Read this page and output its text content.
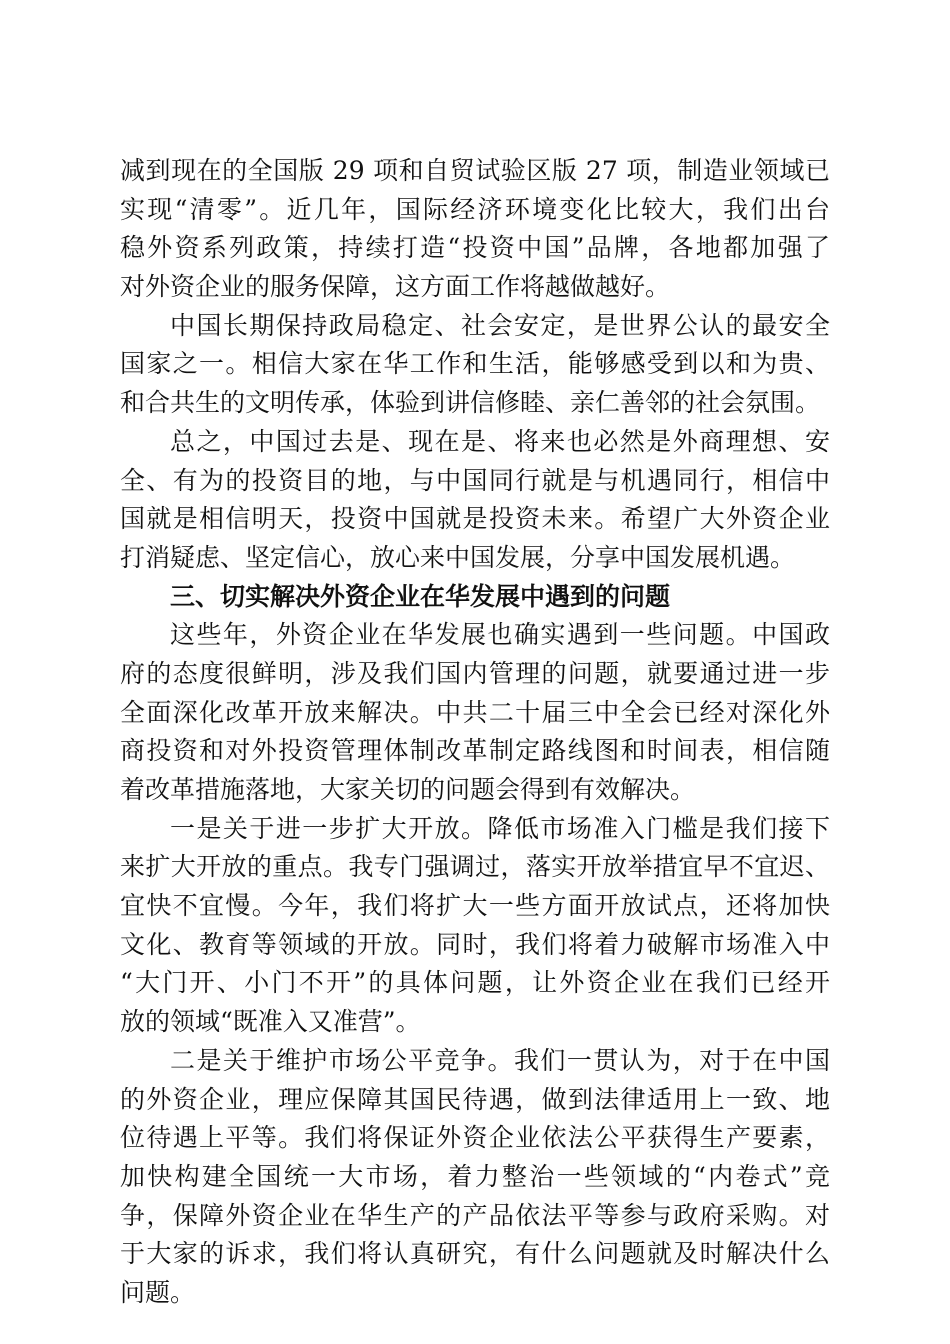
减到现在的全国版 29 项和自贸试验区版 27 项，制造业领域已
实现“清零”。近几年，国际经济环境变化比较大，我们出台
稳外资系列政策，持续打造“投资中国”品牌，各地都加强了
对外资企业的服务保障，这方面工作将越做越好。
中国长期保持政局稳定、社会安定，是世界公认的最安全
国家之一。相信大家在华工作和生活，能够感受到以和为贵、
和合共生的文明传承，体验到讲信修睦、亲仁善邻的社会氛围。
总之，中国过去是、现在是、将来也必然是外商理想、安
全、有为的投资目的地，与中国同行就是与机遇同行，相信中
国就是相信明天，投资中国就是投资未来。希望广大外资企业
打消疑虑、坚定信心，放心来中国发展，分享中国发展机遇。
三、切实解决外资企业在华发展中遇到的问题
这些年，外资企业在华发展也确实遇到一些问题。中国政
府的态度很鲜明，涉及我们国内管理的问题，就要通过进一步
全面深化改革开放来解决。中共二十届三中全会已经对深化外
商投资和对外投资管理体制改革制定路线图和时间表，相信随
着改革措施落地，大家关切的问题会得到有效解决。
一是关于进一步扩大开放。降低市场准入门槛是我们接下
来扩大开放的重点。我专门强调过，落实开放举措宜早不宜迟、
宜快不宜慢。今年，我们将扩大一些方面开放试点，还将加快
文化、教育等领域的开放。同时，我们将着力破解市场准入中
“大门开、小门不开”的具体问题，让外资企业在我们已经开
放的领域“既准入又准营”。
二是关于维护市场公平竞争。我们一贯认为，对于在中国
的外资企业，理应保障其国民待遇，做到法律适用上一致、地
位待遇上平等。我们将保证外资企业依法公平获得生产要素，
加快构建全国统一大市场，着力整治一些领域的“内卷式”竞
争，保障外资企业在华生产的产品依法平等参与政府采购。对
于大家的诉求，我们将认真研究，有什么问题就及时解决什么
问题。
